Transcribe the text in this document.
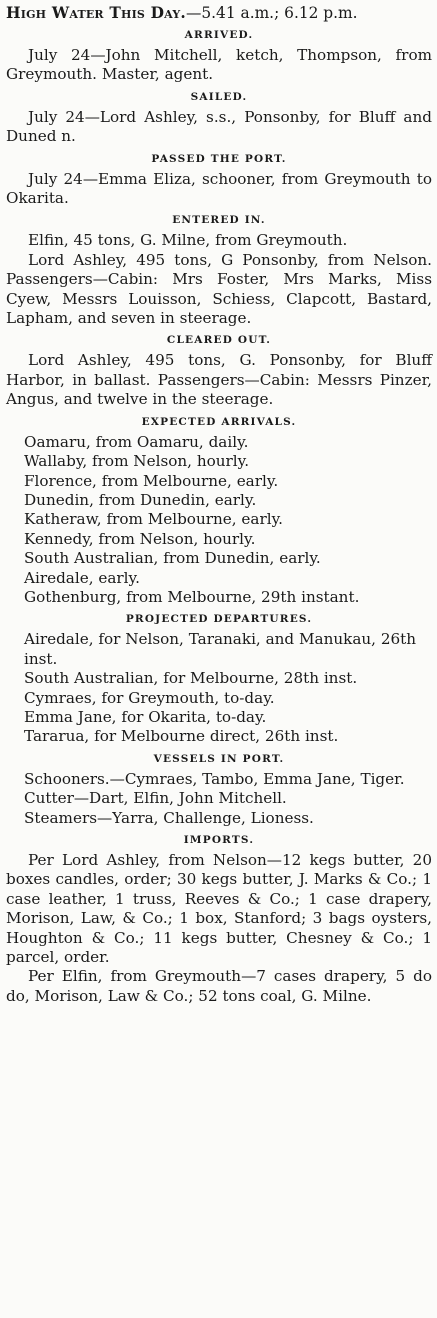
High Water This Day.—5.41 a.m.; 6.12 p.m.

ARRIVED.

July 24—John Mitchell, ketch, Thompson, from Greymouth. Master, agent.

SAILED.

July 24—Lord Ashley, s.s., Ponsonby, for Bluff and Duned n.

PASSED THE PORT.

July 24—Emma Eliza, schooner, from Greymouth to Okarita.

ENTERED IN.

Elfin, 45 tons, G. Milne, from Greymouth.

Lord Ashley, 495 tons, G Ponsonby, from Nelson. Passengers—Cabin: Mrs Foster, Mrs Marks, Miss Cyew, Messrs Louisson, Schiess, Clapcott, Bastard, Lapham, and seven in steerage.

CLEARED OUT.

Lord Ashley, 495 tons, G. Ponsonby, for Bluff Harbor, in ballast. Passengers—Cabin: Messrs Pinzer, Angus, and twelve in the steerage.

EXPECTED ARRIVALS.

Oamaru, from Oamaru, daily.

Wallaby, from Nelson, hourly.

Florence, from Melbourne, early.

Dunedin, from Dunedin, early.

Katheraw, from Melbourne, early.

Kennedy, from Nelson, hourly.

South Australian, from Dunedin, early.

Airedale, early.

Gothenburg, from Melbourne, 29th instant.

PROJECTED DEPARTURES.

Airedale, for Nelson, Taranaki, and Manukau, 26th inst.

South Australian, for Melbourne, 28th inst.

Cymraes, for Greymouth, to-day.

Emma Jane, for Okarita, to-day.

Tararua, for Melbourne direct, 26th inst.

VESSELS IN PORT.

Schooners.—Cymraes, Tambo, Emma Jane, Tiger.

Cutter—Dart, Elfin, John Mitchell.

Steamers—Yarra, Challenge, Lioness.

IMPORTS.

Per Lord Ashley, from Nelson—12 kegs butter, 20 boxes candles, order; 30 kegs butter, J. Marks & Co.; 1 case leather, 1 truss, Reeves & Co.; 1 case drapery, Morison, Law, & Co.; 1 box, Stanford; 3 bags oysters, Houghton & Co.; 11 kegs butter, Chesney & Co.; 1 parcel, order.

Per Elfin, from Greymouth—7 cases drapery, 5 do do, Morison, Law & Co.; 52 tons coal, G. Milne.
